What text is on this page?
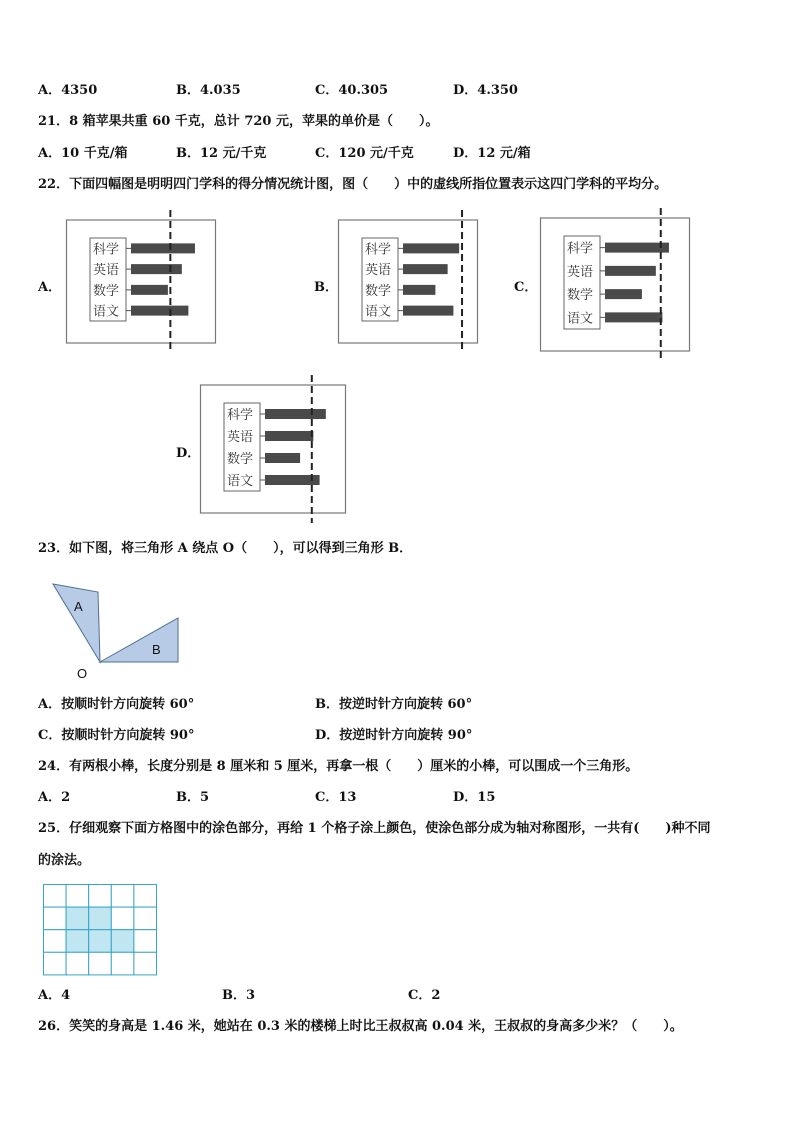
A．4350	B．4.035	C．40.305	D．4.350
21．8 箱苹果共重 60 千克，总计 720 元，苹果的单价是（　　）。
A．10 千克/箱	B．12 元/千克	C．120 元/千克	D．12 元/箱
22．下面四幅图是明明四门学科的得分情况统计图，图（　　）中的虚线所指位置表示这四门学科的平均分。
A．
科学
英语
数学
语文
B．
科学
英语
数学
语文
C．
科学
英语
数学
语文
D．
科学
英语
数学
语文
23．如下图，将三角形 A 绕点 O（　　），可以得到三角形 B．
A
B
O
A．按顺时针方向旋转 60°	B．按逆时针方向旋转 60°
C．按顺时针方向旋转 90°	D．按逆时针方向旋转 90°
24．有两根小棒，长度分别是 8 厘米和 5 厘米，再拿一根（　　）厘米的小棒，可以围成一个三角形。
A．2	B．5	C．13	D．15
25．仔细观察下面方格图中的涂色部分，再给 1 个格子涂上颜色，使涂色部分成为轴对称图形，一共有(　　)种不同
的涂法。
A．4	B．3	C．2
26．笑笑的身高是 1.46 米，她站在 0.3 米的楼梯上时比王叔叔高 0.04 米，王叔叔的身高多少米？（　　）。
